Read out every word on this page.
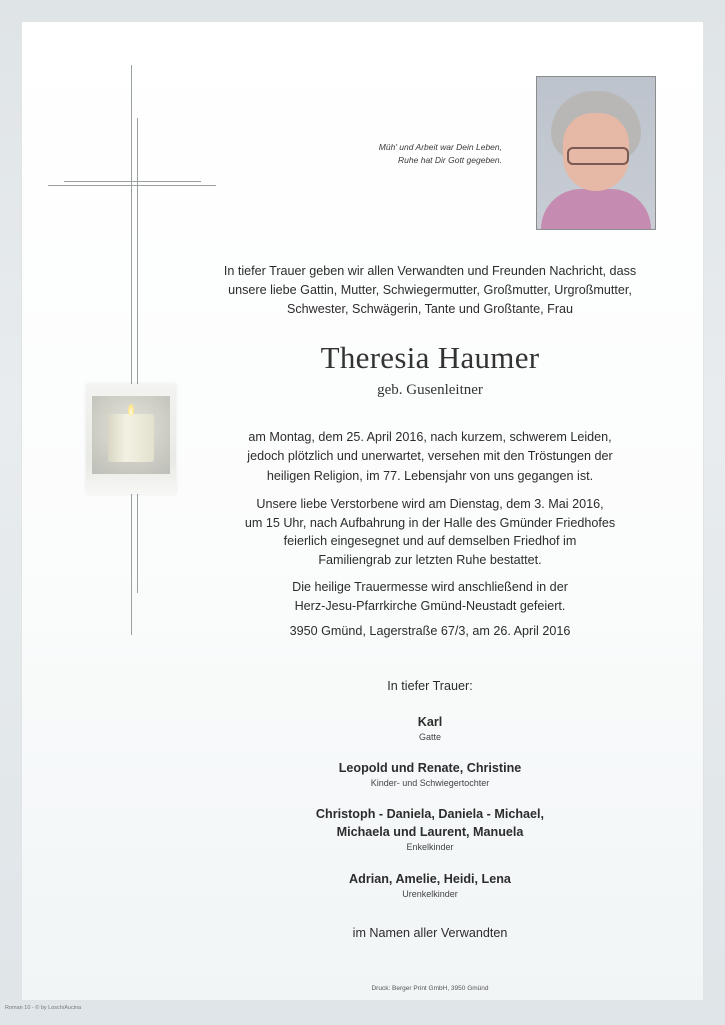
Müh' und Arbeit war Dein Leben,

Ruhe hat Dir Gott gegeben.

In tiefer Trauer geben wir allen Verwandten und Freunden Nachricht, dass

unsere liebe Gattin, Mutter, Schwiegermutter, Großmutter, Urgroßmutter,

Schwester, Schwägerin, Tante und Großtante, Frau

Theresia Haumer
geb. Gusenleitner

am Montag, dem 25. April 2016, nach kurzem, schwerem Leiden,

jedoch plötzlich und unerwartet, versehen mit den Tröstungen der

heiligen Religion, im 77. Lebensjahr von uns gegangen ist.

Unsere liebe Verstorbene wird am Dienstag, dem 3. Mai 2016,

um 15 Uhr, nach Aufbahrung in der Halle des Gmünder Friedhofes

feierlich eingesegnet und auf demselben Friedhof im

Familiengrab zur letzten Ruhe bestattet.

Die heilige Trauermesse wird anschließend in der

Herz-Jesu-Pfarrkirche Gmünd-Neustadt gefeiert.

3950 Gmünd, Lagerstraße 67/3, am 26. April 2016
In tiefer Trauer:

Karl

Gatte

Leopold und Renate, Christine

Kinder- und Schwiegertochter

Christoph - Daniela, Daniela - Michael,

Michaela und Laurent, Manuela

Enkelkinder

Adrian, Amelie, Heidi, Lena

Urenkelkinder

im Namen aller Verwandten
Druck: Berger Print GmbH, 3950 Gmünd
Roman 10 - © by Losch/Aucina
